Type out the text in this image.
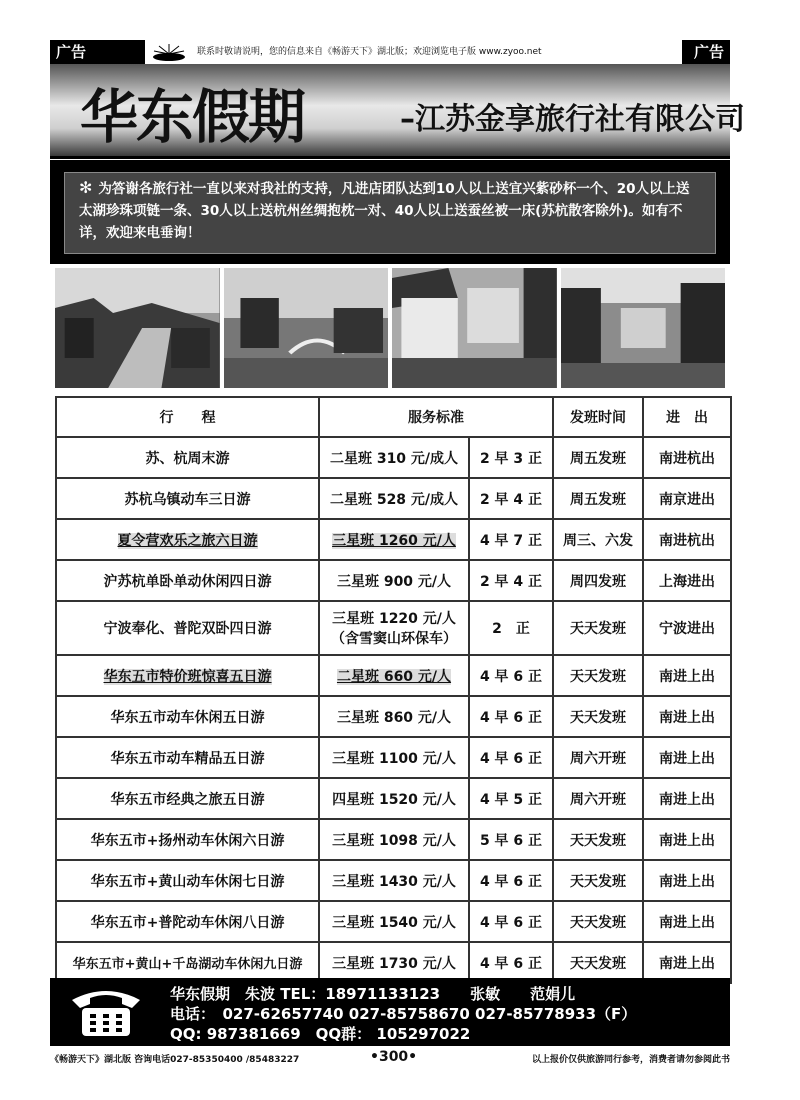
广告	联系时敬请说明，您的信息来自《畅游天下》湖北版；欢迎浏览电子版 www.zyoo.net	广告
华东假期	–江苏金享旅行社有限公司
✻ 为答谢各旅行社一直以来对我社的支持，凡进店团队达到10人以上送宜兴紫砂杯一个、20人以上送太湖珍珠项链一条、30人以上送杭州丝绸抱枕一对、40人以上送蚕丝被一床(苏杭散客除外)。如有不详，欢迎来电垂询！
行　　程	服务标准		发班时间	进　出
苏、杭周末游	二星班 310 元/成人	2 早 3 正	周五发班	南进杭出
苏杭乌镇动车三日游	二星班 528 元/成人	2 早 4 正	周五发班	南京进出
夏令营欢乐之旅六日游	三星班 1260 元/人	4 早 7 正	周三、六发	南进杭出
沪苏杭单卧单动休闲四日游	三星班 900 元/人	2 早 4 正	周四发班	上海进出
宁波奉化、普陀双卧四日游	三星班 1220 元/人
（含雪窦山环保车）	2　正	天天发班	宁波进出
华东五市特价班惊喜五日游	二星班 660 元/人	4 早 6 正	天天发班	南进上出
华东五市动车休闲五日游	三星班 860 元/人	4 早 6 正	天天发班	南进上出
华东五市动车精品五日游	三星班 1100 元/人	4 早 6 正	周六开班	南进上出
华东五市经典之旅五日游	四星班 1520 元/人	4 早 5 正	周六开班	南进上出
华东五市+扬州动车休闲六日游	三星班 1098 元/人	5 早 6 正	天天发班	南进上出
华东五市+黄山动车休闲七日游	三星班 1430 元/人	4 早 6 正	天天发班	南进上出
华东五市+普陀动车休闲八日游	三星班 1540 元/人	4 早 6 正	天天发班	南进上出
华东五市+黄山+千岛湖动车休闲九日游	三星班 1730 元/人	4 早 6 正	天天发班	南进上出
华东假期　朱波 TEL：18971133123　　张敏　　范娟儿
电话：　027-62657740 027-85758670 027-85778933（F）
QQ: 987381669　QQ群： 105297022
《畅游天下》湖北版 咨询电话027-85350400 /85483227	•300•	以上报价仅供旅游同行参考，消费者请勿参阅此书
